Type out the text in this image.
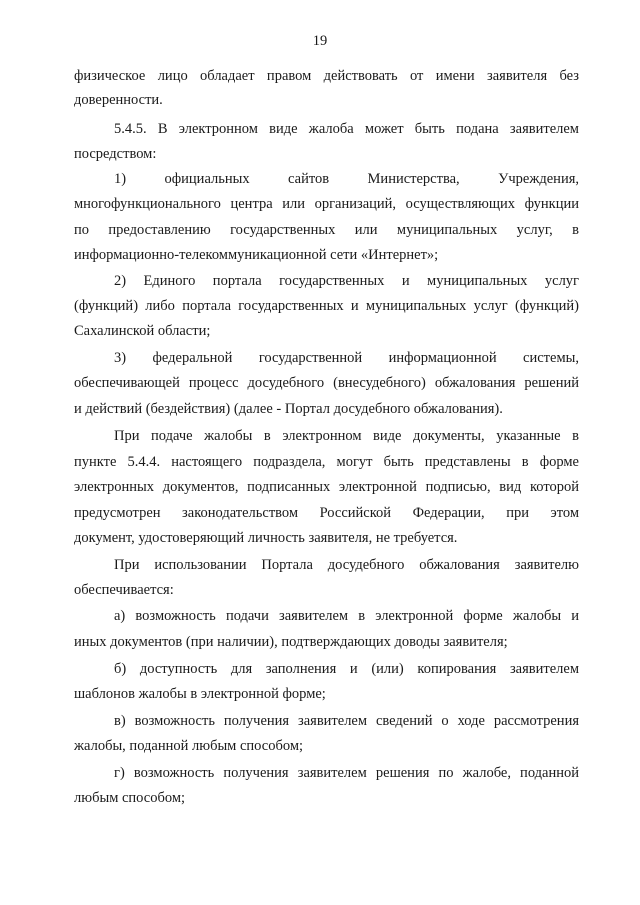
19
физическое лицо обладает правом действовать от имени заявителя без
доверенности.
5.4.5. В электронном виде жалоба может быть подана заявителем
посредством:
1) официальных сайтов Министерства, Учреждения,
многофункционального центра или организаций, осуществляющих функции
по предоставлению государственных или муниципальных услуг, в
информационно-телекоммуникационной сети «Интернет»;
2) Единого портала государственных и муниципальных услуг
(функций) либо портала государственных и муниципальных услуг (функций)
Сахалинской области;
3) федеральной государственной информационной системы,
обеспечивающей процесс досудебного (внесудебного) обжалования решений
и действий (бездействия) (далее - Портал досудебного обжалования).
При подаче жалобы в электронном виде документы, указанные в
пункте 5.4.4. настоящего подраздела, могут быть представлены в форме
электронных документов, подписанных электронной подписью, вид которой
предусмотрен законодательством Российской Федерации, при этом
документ, удостоверяющий личность заявителя, не требуется.
При использовании Портала досудебного обжалования заявителю
обеспечивается:
а) возможность подачи заявителем в электронной форме жалобы и
иных документов (при наличии), подтверждающих доводы заявителя;
б) доступность для заполнения и (или) копирования заявителем
шаблонов жалобы в электронной форме;
в) возможность получения заявителем сведений о ходе рассмотрения
жалобы, поданной любым способом;
г) возможность получения заявителем решения по жалобе, поданной
любым способом;
